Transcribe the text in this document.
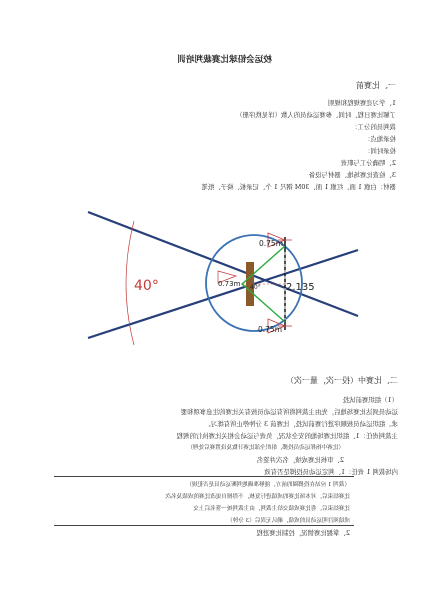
校运会铅球比赛裁判培训
一、比赛前
1、学习竞赛规程和规则
了解比赛日程、时间、参赛运动员的人数（详见秩序册）
裁判员的分工：
检录地点：
检录时间：
2、明确分工与职责
3、检查比赛场地、器材与设备
器材：白旗 1 面、红旗 1 面、30M 钢尺 1 个、记录板、椅子、纸笔
40°
0.75m
0.73m
0.75m
2.135
40°
二、比赛中（投一次，量一次）
（1）组织赛前试投
运动员到达比赛场地后，先由主裁判将所有运动员按有关比赛的注意事项和要
求。组织运动员按顺序进行赛前试投，比赛前 3 分钟停止所有练习。
主裁判责任：1、组织比赛场地的安全状况，负责与运动会相关比赛执行的规程
（比赛中指挥运动员投掷，组织全部比赛计数及设置赛后处理）
2、审核比赛成绩，名次并签名
内场裁判 1 责任：1、判定运动员投掷是否有效
（裁判 1 应站在投掷圈的前方，能够准确地判断运动员是否犯规）
比赛结束后，对本场比赛的成绩进行复核，不得擅自更改比赛的成绩及名次
比赛结束后，将比赛成绩交给主裁判，由主裁判统一签名后上交
成绩须注明运动员的成绩，确认无误后（3 分钟）
2、掌握比赛情况，控制比赛进程
